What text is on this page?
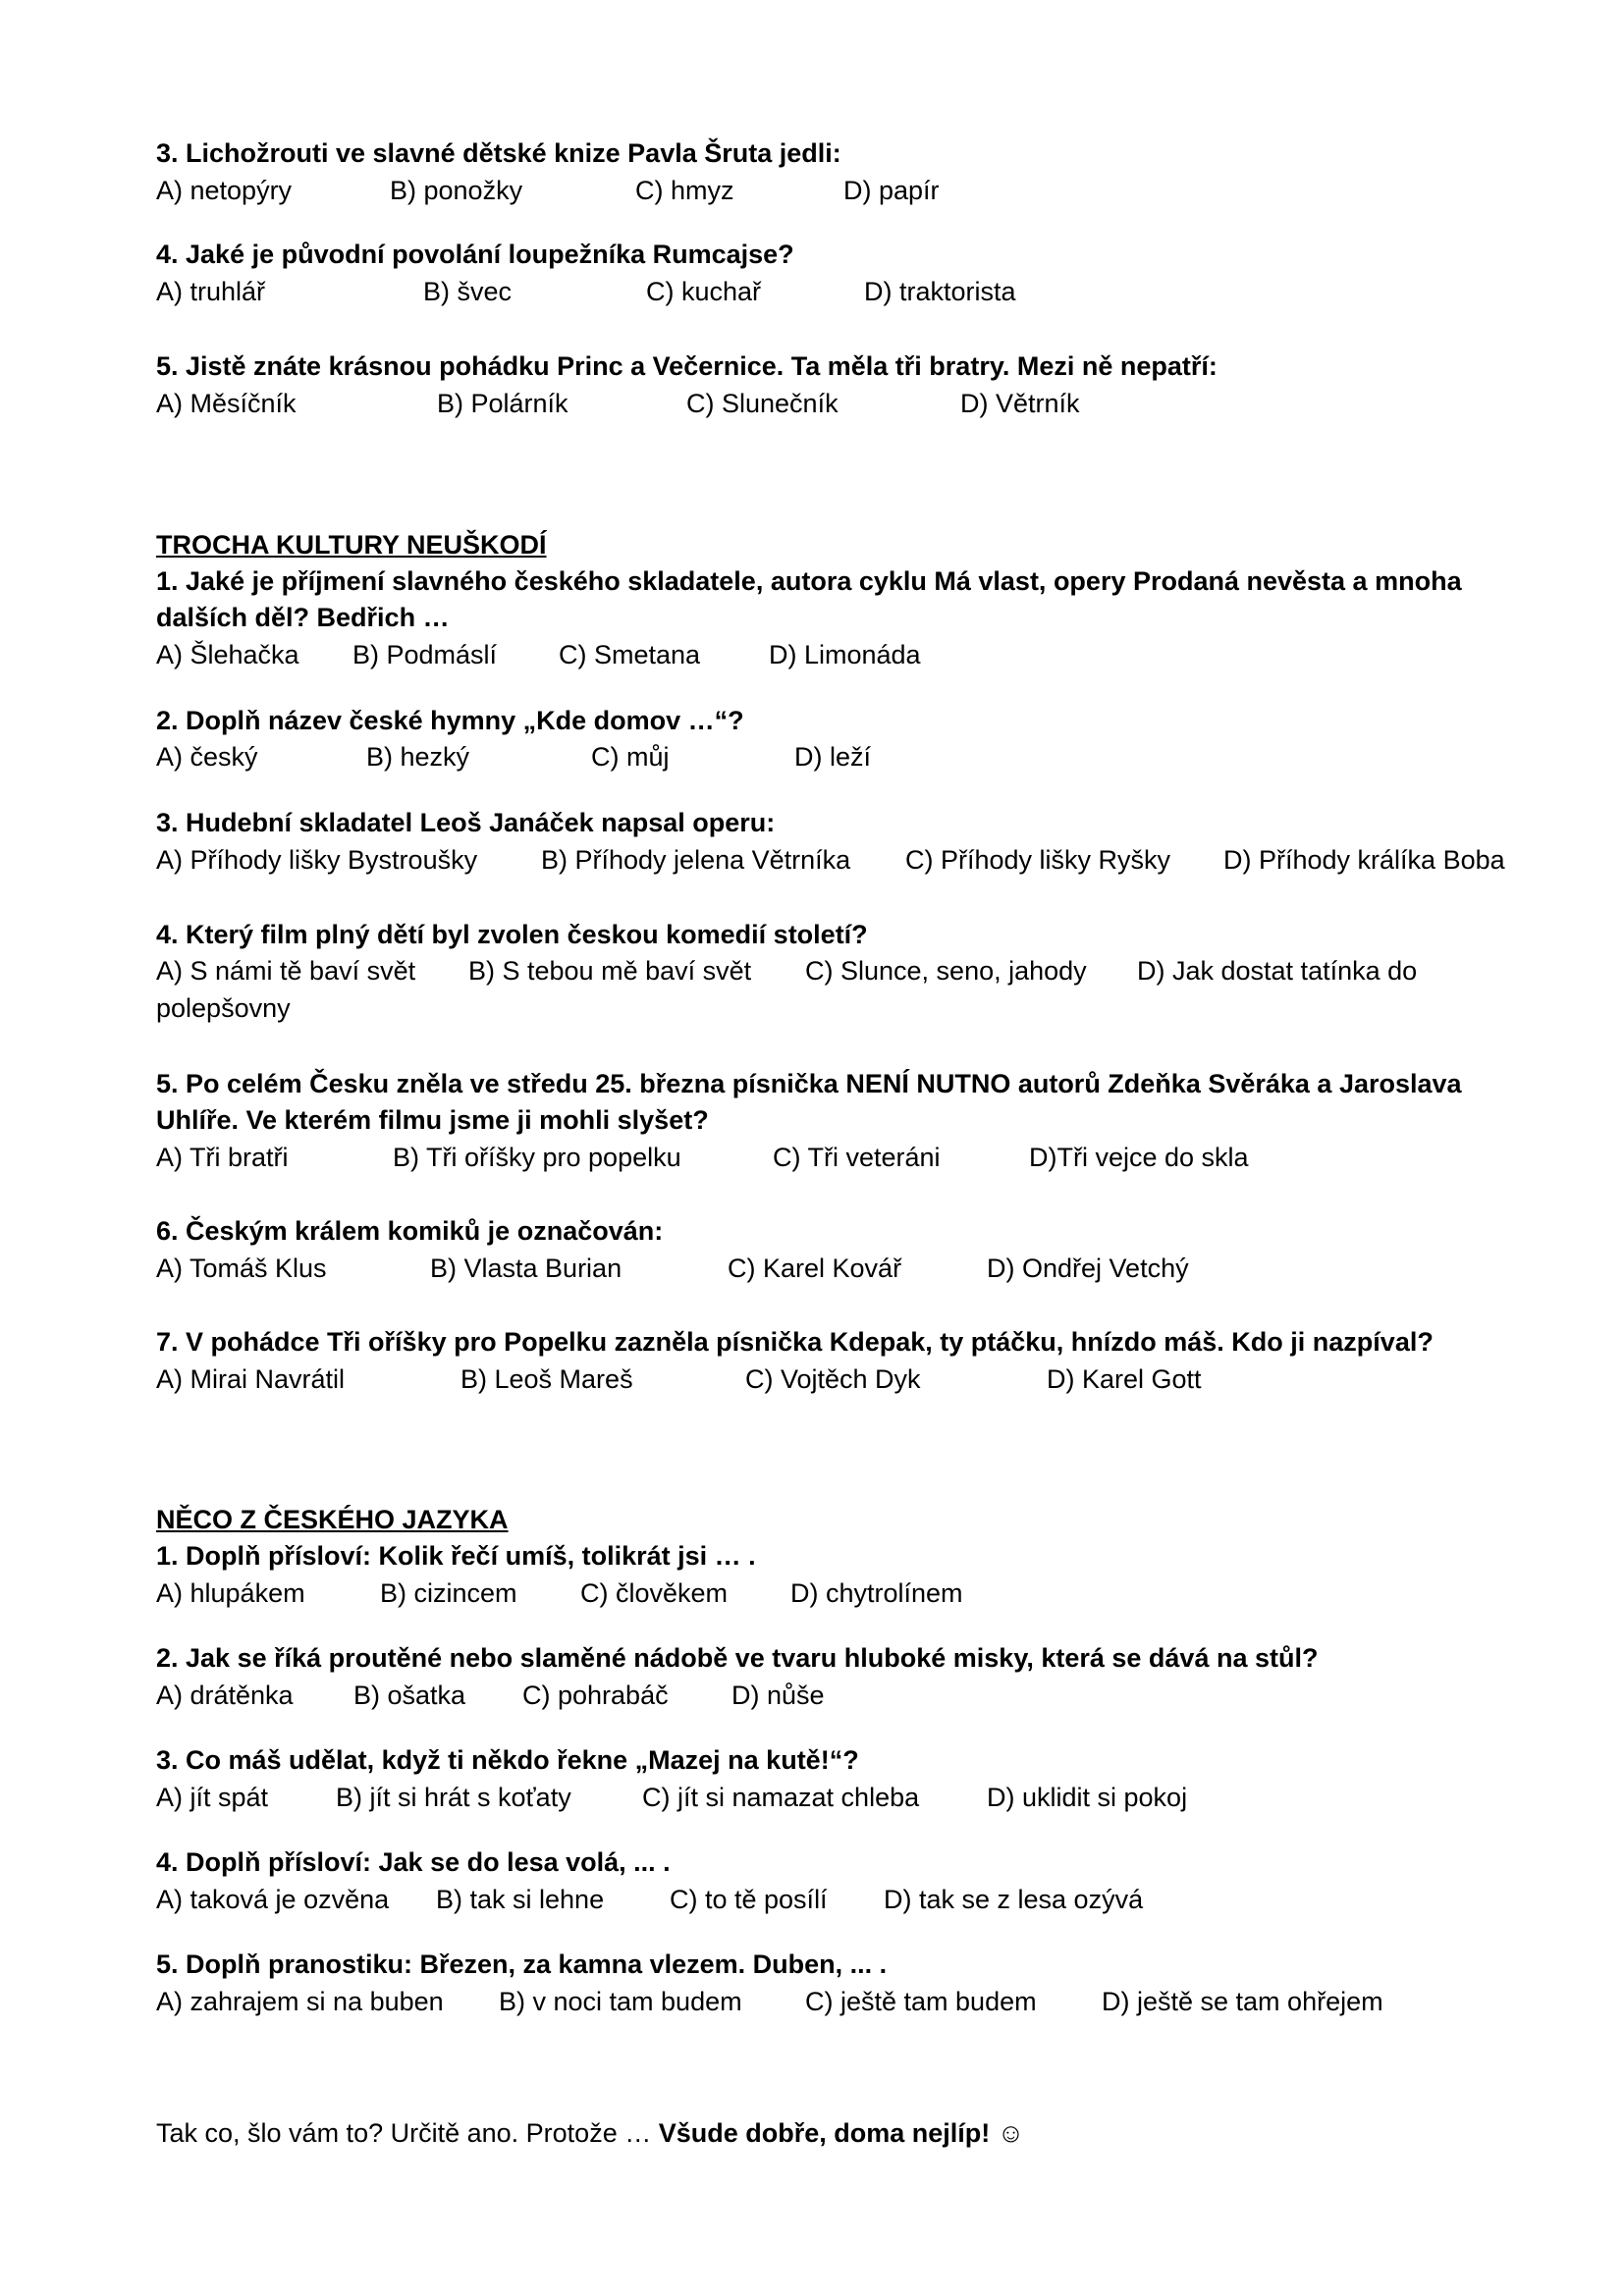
3. Lichožrouti ve slavné dětské knize Pavla Šruta jedli:
A) netopýry	B) ponožky	C) hmyz	D) papír
4. Jaké je původní povolání loupežníka Rumcajse?
A) truhlář	B) švec	C) kuchař	D) traktorista
5. Jistě znáte krásnou pohádku Princ a Večernice. Ta měla tři bratry. Mezi ně nepatří:
A) Měsíčník	B) Polárník	C) Slunečník	D) Větrník
TROCHA KULTURY NEUŠKODÍ
1. Jaké je příjmení slavného českého skladatele, autora cyklu Má vlast, opery Prodaná nevěsta a mnoha
dalších děl? Bedřich …
A) Šlehačka B) Podmáslí C) Smetana	D) Limonáda
2. Doplň název české hymny „Kde domov …“?
A) český	B) hezký	C) můj	D) leží
3. Hudební skladatel Leoš Janáček napsal operu:
A) Příhody lišky Bystroušky B) Příhody jelena Větrníka C) Příhody lišky Ryšky D) Příhody králíka Boba
4. Který film plný dětí byl zvolen českou komedií století?
A) S námi tě baví svět B) S tebou mě baví svět C) Slunce, seno, jahody D) Jak dostat tatínka do
polepšovny
5. Po celém Česku zněla ve středu 25. března písnička NENÍ NUTNO autorů Zdeňka Svěráka a Jaroslava
Uhlíře. Ve kterém filmu jsme ji mohli slyšet?
A) Tři bratři	B) Tři oříšky pro popelku	C) Tři veteráni	D)Tři vejce do skla
6. Českým králem komiků je označován:
A) Tomáš Klus	B) Vlasta Burian	C) Karel Kovář	D) Ondřej Vetchý
7. V pohádce Tři oříšky pro Popelku zazněla písnička Kdepak, ty ptáčku, hnízdo máš. Kdo ji nazpíval?
A) Mirai Navrátil	B) Leoš Mareš	C) Vojtěch Dyk	D) Karel Gott
NĚCO Z ČESKÉHO JAZYKA
1. Doplň přísloví: Kolik řečí umíš, tolikrát jsi … .
A) hlupákem	B) cizincem C) člověkem D) chytrolínem
2. Jak se říká proutěné nebo slaměné nádobě ve tvaru hluboké misky, která se dává na stůl?
A) drátěnka B) ošatka C) pohrabáč D) nůše
3. Co máš udělat, když ti někdo řekne „Mazej na kutě!“?
A) jít spát	B) jít si hrát s koťaty	C) jít si namazat chleba	D) uklidit si pokoj
4. Doplň přísloví: Jak se do lesa volá, ... .
A) taková je ozvěna B) tak si lehne C) to tě posílí D) tak se z lesa ozývá
5. Doplň pranostiku: Březen, za kamna vlezem. Duben, ... .
A) zahrajem si na buben B) v noci tam budem C) ještě tam budem D) ještě se tam ohřejem
Tak co, šlo vám to? Určitě ano. Protože … Všude dobře, doma nejlíp! ☺
